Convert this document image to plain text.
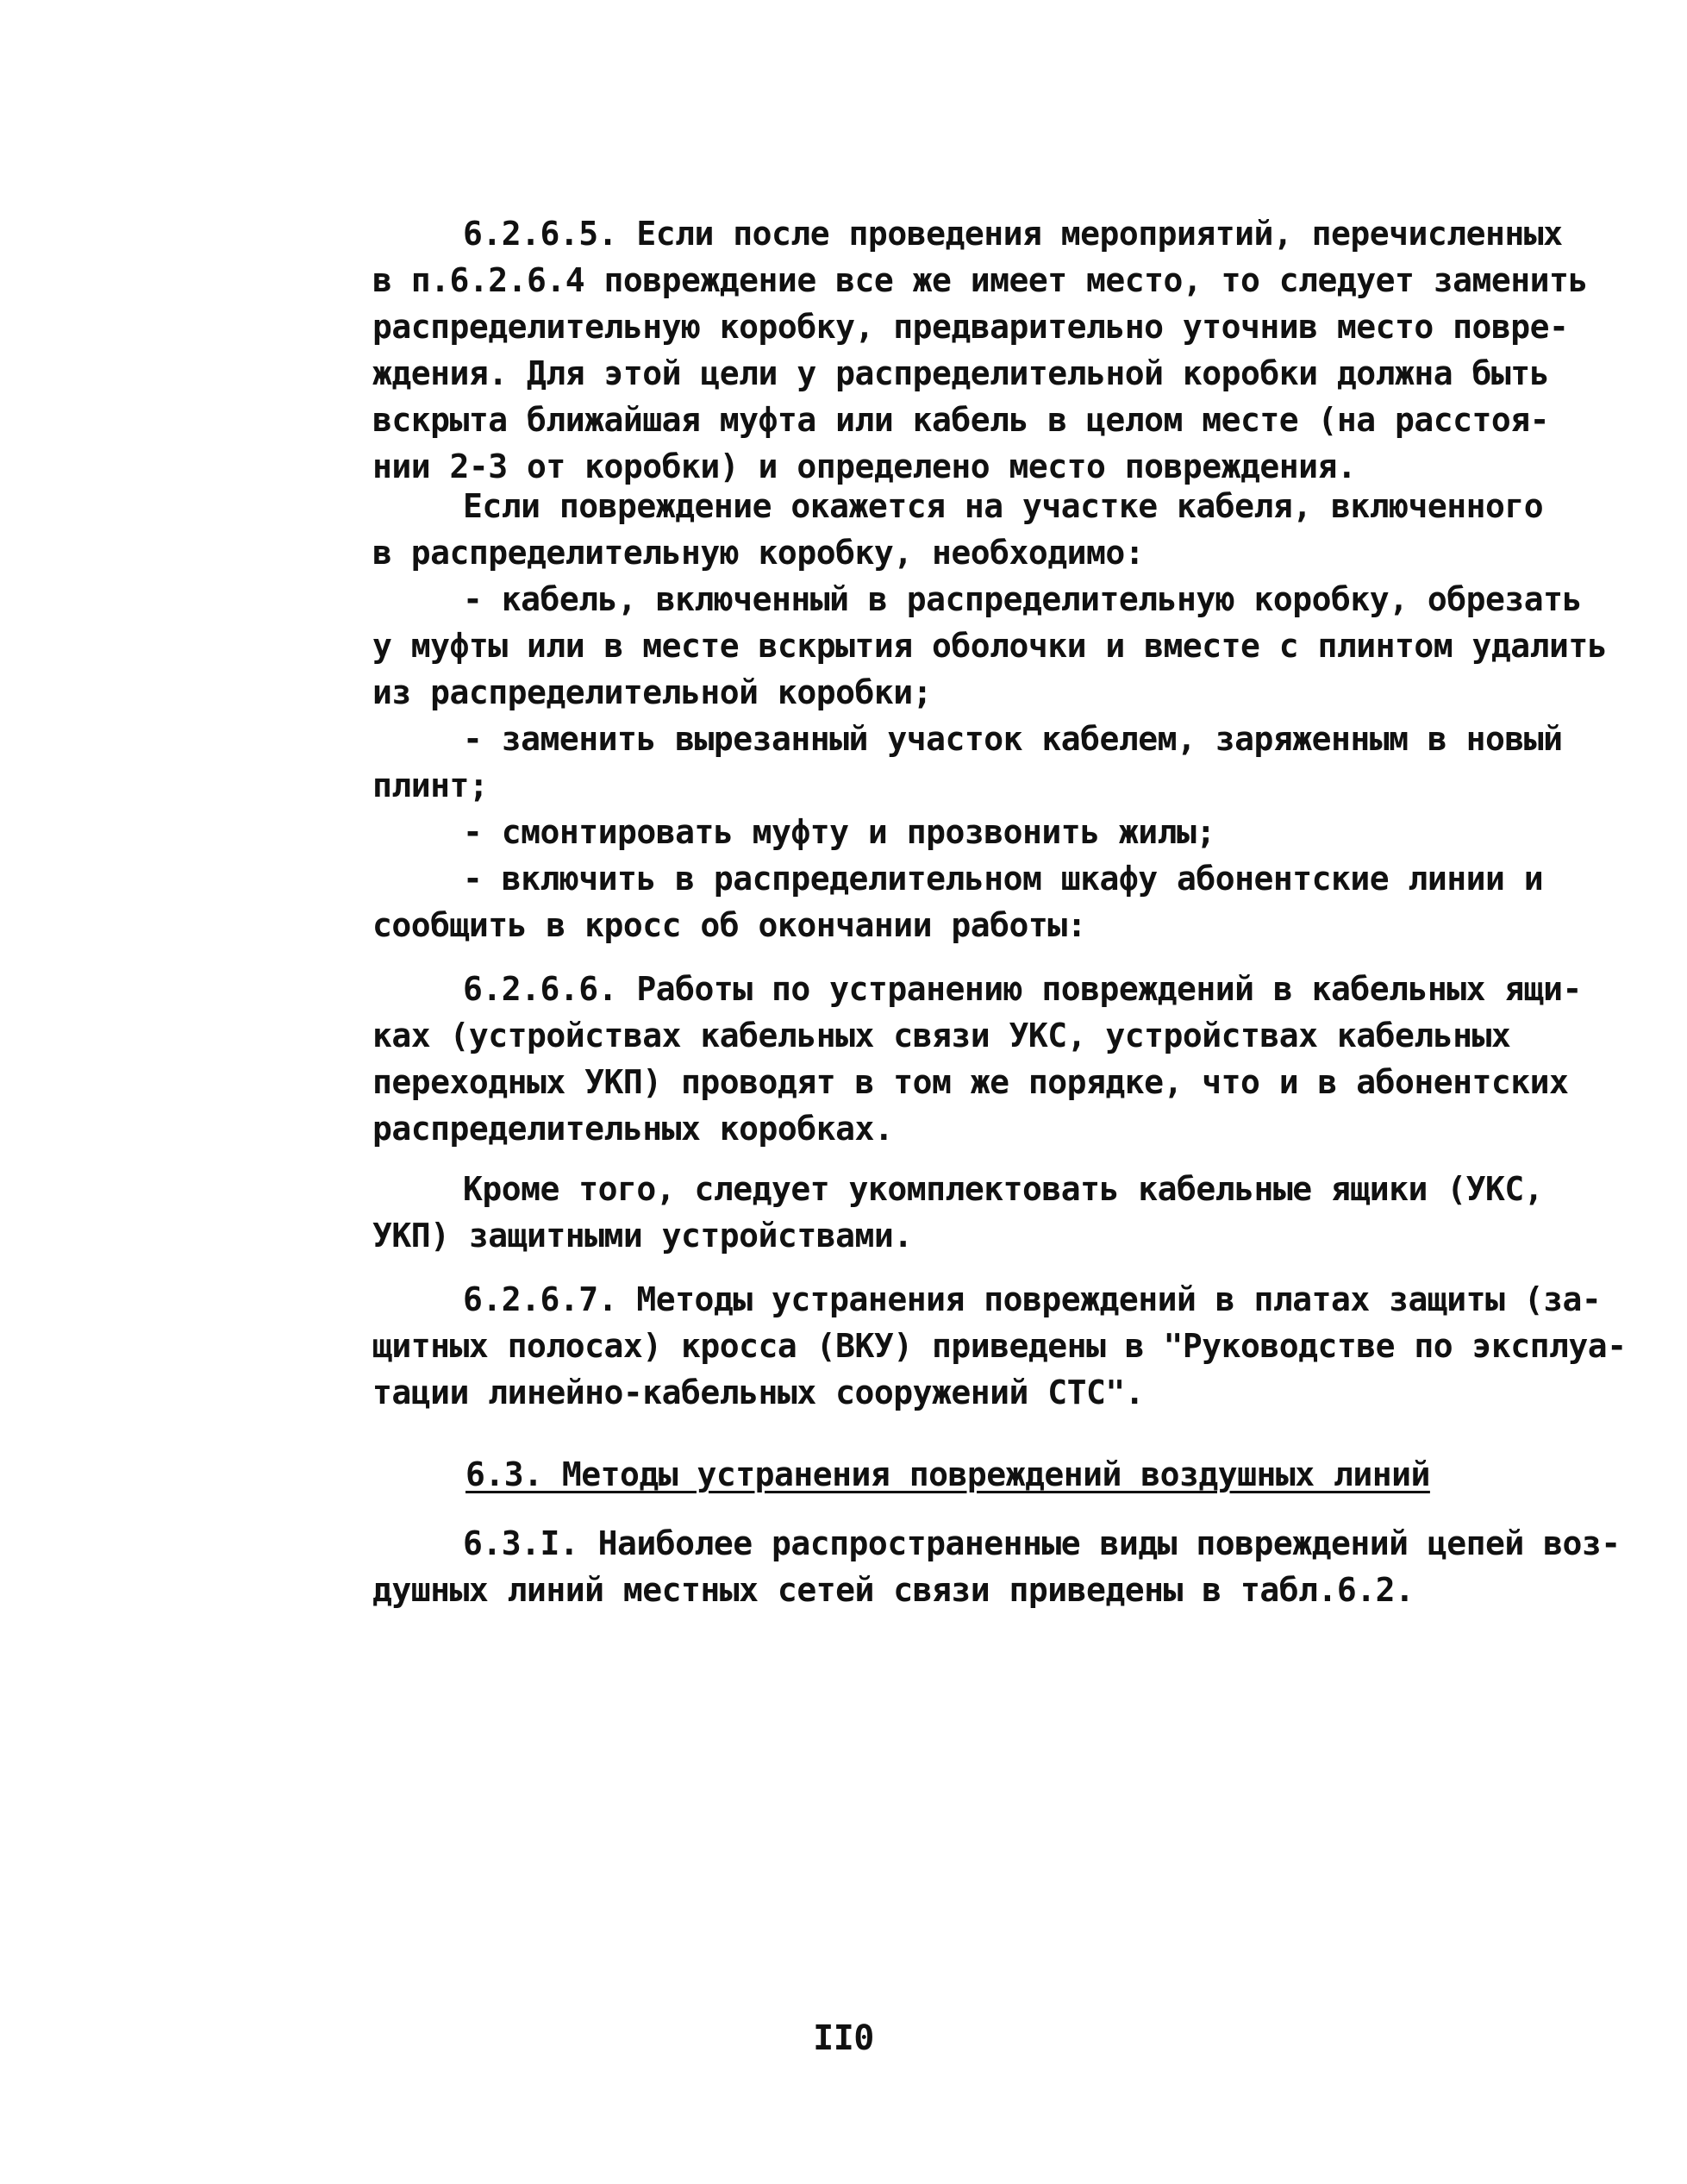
6.2.6.5. Если после проведения мероприятий, перечисленных
в п.6.2.6.4 повреждение все же имеет место, то следует заменить
распределительную коробку, предварительно уточнив место повре-
ждения. Для этой цели у распределительной коробки должна быть
вскрыта ближайшая муфта или кабель в целом месте (на расстоя-
нии 2-3 от коробки) и определено место повреждения.
Если повреждение окажется на участке кабеля, включенного
в распределительную коробку, необходимо:
- кабель, включенный в распределительную коробку, обрезать
у муфты или в месте вскрытия оболочки и вместе с плинтом удалить
из распределительной коробки;
- заменить вырезанный участок кабелем, заряженным в новый
плинт;
- смонтировать муфту и прозвонить жилы;
- включить в распределительном шкафу абонентские линии и
сообщить в кросс об окончании работы:
6.2.6.6. Работы по устранению повреждений в кабельных ящи-
ках (устройствах кабельных связи УКС, устройствах кабельных
переходных УКП) проводят в том же порядке, что и в абонентских
распределительных коробках.
Кроме того, следует укомплектовать кабельные ящики (УКС,
УКП) защитными устройствами.
6.2.6.7. Методы устранения повреждений в платах защиты (за-
щитных полосах) кросса (ВКУ) приведены в "Руководстве по эксплуа-
тации линейно-кабельных сооружений СТС".
6.3. Методы устранения повреждений воздушных линий
6.3.I. Наиболее распространенные виды повреждений цепей воз-
душных линий местных сетей связи приведены в табл.6.2.
II0
